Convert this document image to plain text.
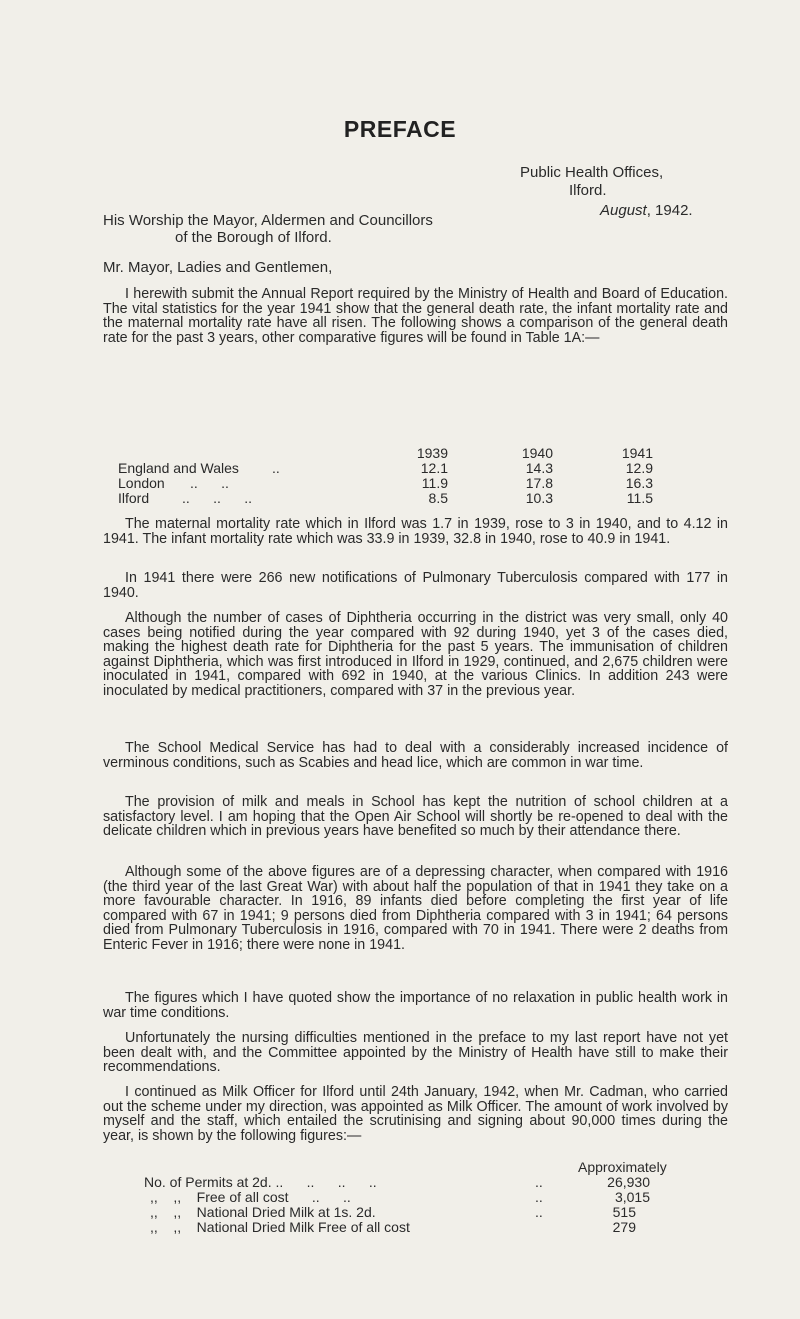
PREFACE
Public Health Offices,
Ilford.
August, 1942.
His Worship the Mayor, Aldermen and Councillors
of the Borough of Ilford.
Mr. Mayor, Ladies and Gentlemen,

I herewith submit the Annual Report required by the Ministry of Health and Board of Education. The vital statistics for the year 1941 show that the general death rate, the infant mortality rate and the maternal mortality rate have all risen. The following shows a comparison of the general death rate for the past 3 years, other comparative figures will be found in Table 1A:—

1939	1940	1941
England and Wales ..	12.1	14.3	12.9
London ..      ..	11.9	17.8	16.3
Ilford ..      ..      ..	8.5	10.3	11.5

The maternal mortality rate which in Ilford was 1.7 in 1939, rose to 3 in 1940, and to 4.12 in 1941. The infant mortality rate which was 33.9 in 1939, 32.8 in 1940, rose to 40.9 in 1941.

In 1941 there were 266 new notifications of Pulmonary Tuberculosis compared with 177 in 1940.

Although the number of cases of Diphtheria occurring in the district was very small, only 40 cases being notified during the year compared with 92 during 1940, yet 3 of the cases died, making the highest death rate for Diphtheria for the past 5 years. The immunisation of children against Diphtheria, which was first introduced in Ilford in 1929, continued, and 2,675 children were inoculated in 1941, compared with 692 in 1940, at the various Clinics. In addition 243 were inoculated by medical practitioners, compared with 37 in the previous year.

The School Medical Service has had to deal with a considerably increased incidence of verminous conditions, such as Scabies and head lice, which are common in war time.

The provision of milk and meals in School has kept the nutrition of school children at a satisfactory level. I am hoping that the Open Air School will shortly be re-opened to deal with the delicate children which in previous years have benefited so much by their attendance there.

Although some of the above figures are of a depressing character, when compared with 1916 (the third year of the last Great War) with about half the population of that in 1941 they take on a more favourable character. In 1916, 89 infants died before completing the first year of life compared with 67 in 1941; 9 persons died from Diphtheria compared with 3 in 1941; 64 persons died from Pulmonary Tuberculosis in 1916, compared with 70 in 1941. There were 2 deaths from Enteric Fever in 1916; there were none in 1941.

The figures which I have quoted show the importance of no relaxation in public health work in war time conditions.

Unfortunately the nursing difficulties mentioned in the preface to my last report have not yet been dealt with, and the Committee appointed by the Ministry of Health have still to make their recommendations.

I continued as Milk Officer for Ilford until 24th January, 1942, when Mr. Cadman, who carried out the scheme under my direction, was appointed as Milk Officer. The amount of work involved by myself and the staff, which entailed the scrutinising and signing about 90,000 times during the year, is shown by the following figures:—

Approximately
No. of Permits at 2d. ..      ..      ..      ..	..	26,930
,,    ,,    Free of all cost      ..      ..	..	3,015
,,    ,,    National Dried Milk at 1s. 2d.	..	515
,,    ,,    National Dried Milk Free of all cost	279
